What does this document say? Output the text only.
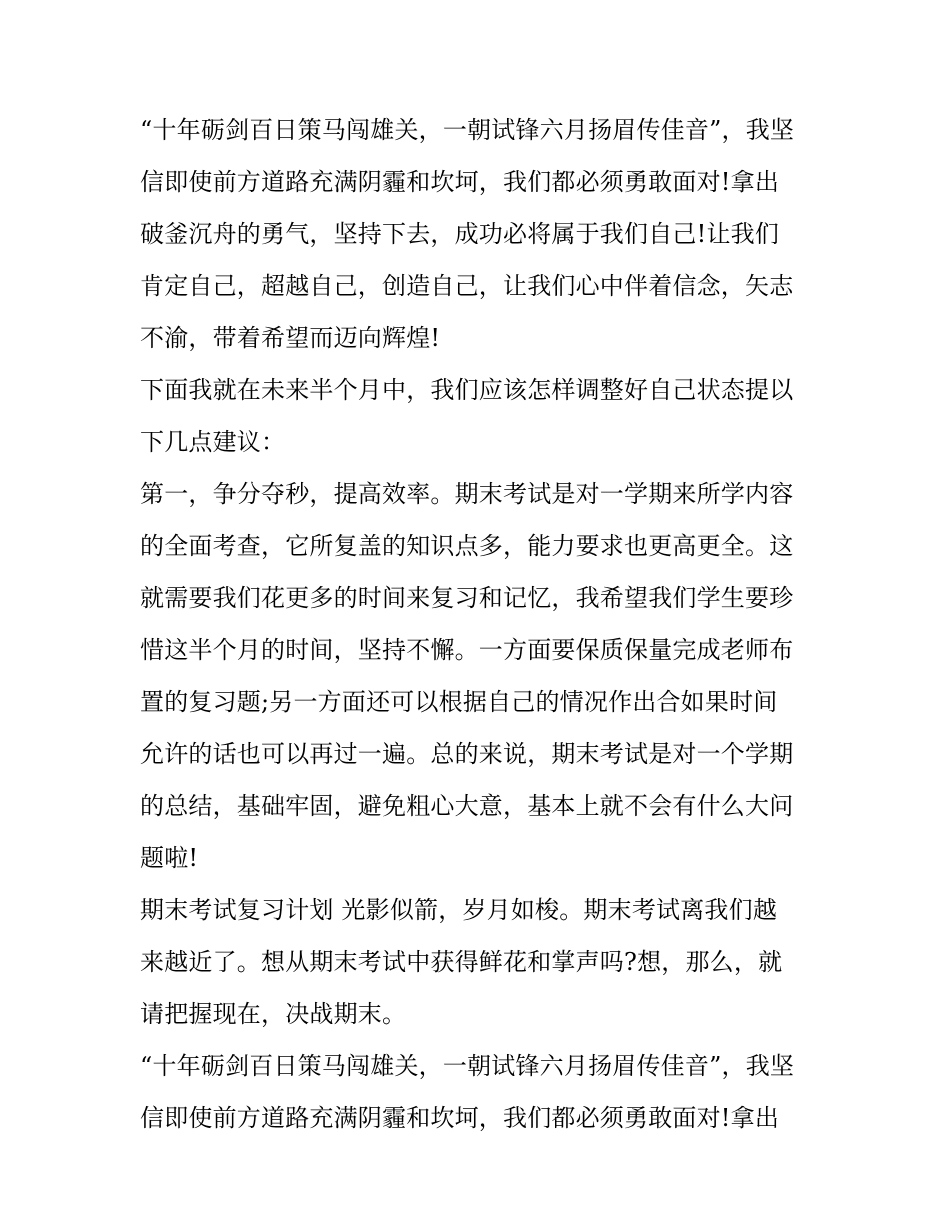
“十年砺剑百日策马闯雄关，一朝试锋六月扬眉传佳音”，我坚
信即使前方道路充满阴霾和坎坷，我们都必须勇敢面对!拿出
破釜沉舟的勇气，坚持下去，成功必将属于我们自己!让我们
肯定自己，超越自己，创造自己，让我们心中伴着信念，矢志
不渝，带着希望而迈向辉煌!
下面我就在未来半个月中，我们应该怎样调整好自己状态提以
下几点建议：
第一，争分夺秒，提高效率。期末考试是对一学期来所学内容
的全面考查，它所复盖的知识点多，能力要求也更高更全。这
就需要我们花更多的时间来复习和记忆，我希望我们学生要珍
惜这半个月的时间，坚持不懈。一方面要保质保量完成老师布
置的复习题;另一方面还可以根据自己的情况作出合如果时间
允许的话也可以再过一遍。总的来说，期末考试是对一个学期
的总结，基础牢固，避免粗心大意，基本上就不会有什么大问
题啦!
期末考试复习计划 光影似箭，岁月如梭。期末考试离我们越
来越近了。想从期末考试中获得鲜花和掌声吗?想，那么，就
请把握现在，决战期末。
“十年砺剑百日策马闯雄关，一朝试锋六月扬眉传佳音”，我坚
信即使前方道路充满阴霾和坎坷，我们都必须勇敢面对!拿出
